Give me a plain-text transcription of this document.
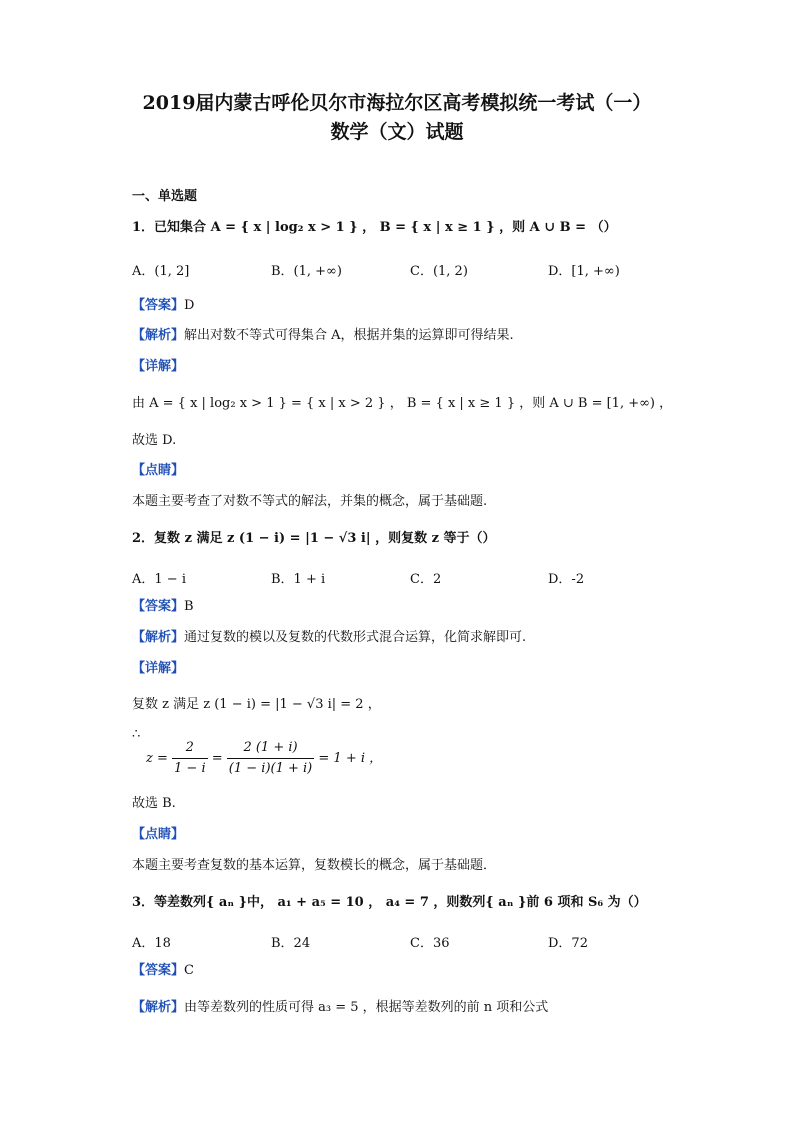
2019届内蒙古呼伦贝尔市海拉尔区高考模拟统一考试（一）
数学（文）试题
一、单选题
1．已知集合 A = { x | log₂ x > 1 } ， B = { x | x ≥ 1 } ，则 A ∪ B = （）
A．(1, 2]	B．(1, +∞)	C．(1, 2)	D．[1, +∞)
【答案】D
【解析】解出对数不等式可得集合 A，根据并集的运算即可得结果.
【详解】
由 A = { x | log₂ x > 1 } = { x | x > 2 } ， B = { x | x ≥ 1 } ，则 A ∪ B = [1, +∞) ，
故选 D.
【点睛】
本题主要考查了对数不等式的解法，并集的概念，属于基础题.
2．复数 z 满足 z (1 − i) = |1 − √3 i| ，则复数 z 等于（）
A．1 − i	B．1 + i	C．2	D．-2
【答案】B
【解析】通过复数的模以及复数的代数形式混合运算，化简求解即可.
【详解】
复数 z 满足 z (1 − i) = |1 − √3 i| = 2 ，
∴
$z = \frac{2}{1 - i} = \frac{2 (1 + i)}{(1 - i)(1 + i)} = 1 + i$ ，
故选 B.
【点睛】
本题主要考查复数的基本运算，复数模长的概念，属于基础题．
3．等差数列{ aₙ }中， a₁ + a₅ = 10 ， a₄ = 7 ，则数列{ aₙ }前 6 项和 S₆ 为（）
A．18	B．24	C．36	D．72
【答案】C
【解析】由等差数列的性质可得 a₃ = 5 ，根据等差数列的前 n 项和公式
